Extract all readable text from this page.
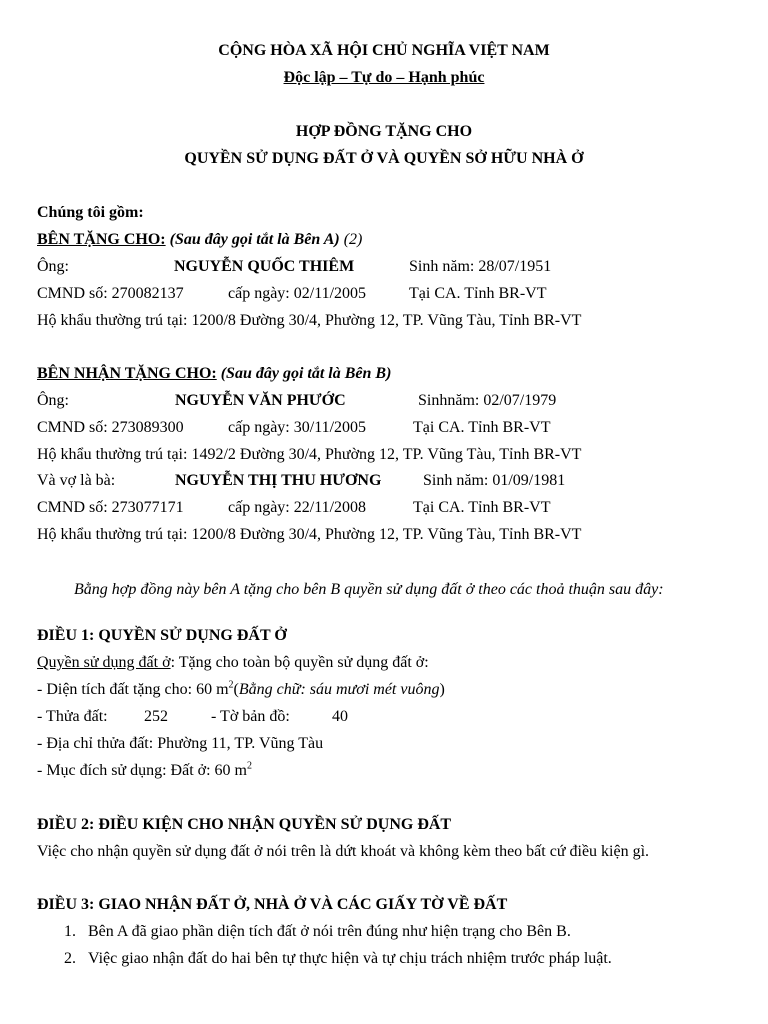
CỘNG HÒA XÃ HỘI CHỦ NGHĨA VIỆT NAM
Độc lập – Tự do – Hạnh phúc
HỢP ĐỒNG TẶNG CHO
QUYỀN SỬ DỤNG ĐẤT Ở VÀ QUYỀN SỞ HỮU NHÀ Ở
Chúng tôi gồm:
BÊN TẶNG CHO: (Sau đây gọi tắt là Bên A) (2)
Ông:	NGUYỄN QUỐC THIÊM	Sinh năm: 28/07/1951
CMND số: 270082137	cấp ngày: 02/11/2005	Tại CA. Tỉnh BR-VT
Hộ khẩu thường trú tại: 1200/8 Đường 30/4, Phường 12, TP. Vũng Tàu, Tỉnh BR-VT
BÊN NHẬN TẶNG CHO: (Sau đây gọi tắt là Bên B)
Ông:	NGUYỄN VĂN PHƯỚC	Sinhnăm: 02/07/1979
CMND số: 273089300	cấp ngày: 30/11/2005	Tại CA. Tỉnh BR-VT
Hộ khẩu thường trú tại: 1492/2 Đường 30/4, Phường 12, TP. Vũng Tàu, Tỉnh BR-VT
Và vợ là bà:	NGUYỄN THỊ THU HƯƠNG	Sinh năm: 01/09/1981
CMND số: 273077171	cấp ngày: 22/11/2008	Tại CA. Tỉnh BR-VT
Hộ khẩu thường trú tại: 1200/8 Đường 30/4, Phường 12, TP. Vũng Tàu, Tỉnh BR-VT
Bằng hợp đồng này bên A tặng cho bên B quyền sử dụng đất ở theo các thoả thuận sau đây:
ĐIỀU 1: QUYỀN SỬ DỤNG ĐẤT Ở
Quyền sử dụng đất ở: Tặng cho toàn bộ quyền sử dụng đất ở:
- Diện tích đất tặng cho: 60 $m^2(Bằng$ chữ: sáu mươi mét vuông)
- Thửa đất: 252	- Tờ bản đồ:	40
- Địa chỉ thửa đất: Phường 11, TP. Vũng Tàu
- Mục đích sử dụng: Đất ở: 60 $m^2$
ĐIỀU 2: ĐIỀU KIỆN CHO NHẬN QUYỀN SỬ DỤNG ĐẤT
Việc cho nhận quyền sử dụng đất ở nói trên là dứt khoát và không kèm theo bất cứ điều kiện gì.
ĐIỀU 3: GIAO NHẬN ĐẤT Ở, NHÀ Ở VÀ CÁC GIẤY TỜ VỀ ĐẤT
1. Bên A đã giao phần diện tích đất ở nói trên đúng như hiện trạng cho Bên B.
2. Việc giao nhận đất do hai bên tự thực hiện và tự chịu trách nhiệm trước pháp luật.
